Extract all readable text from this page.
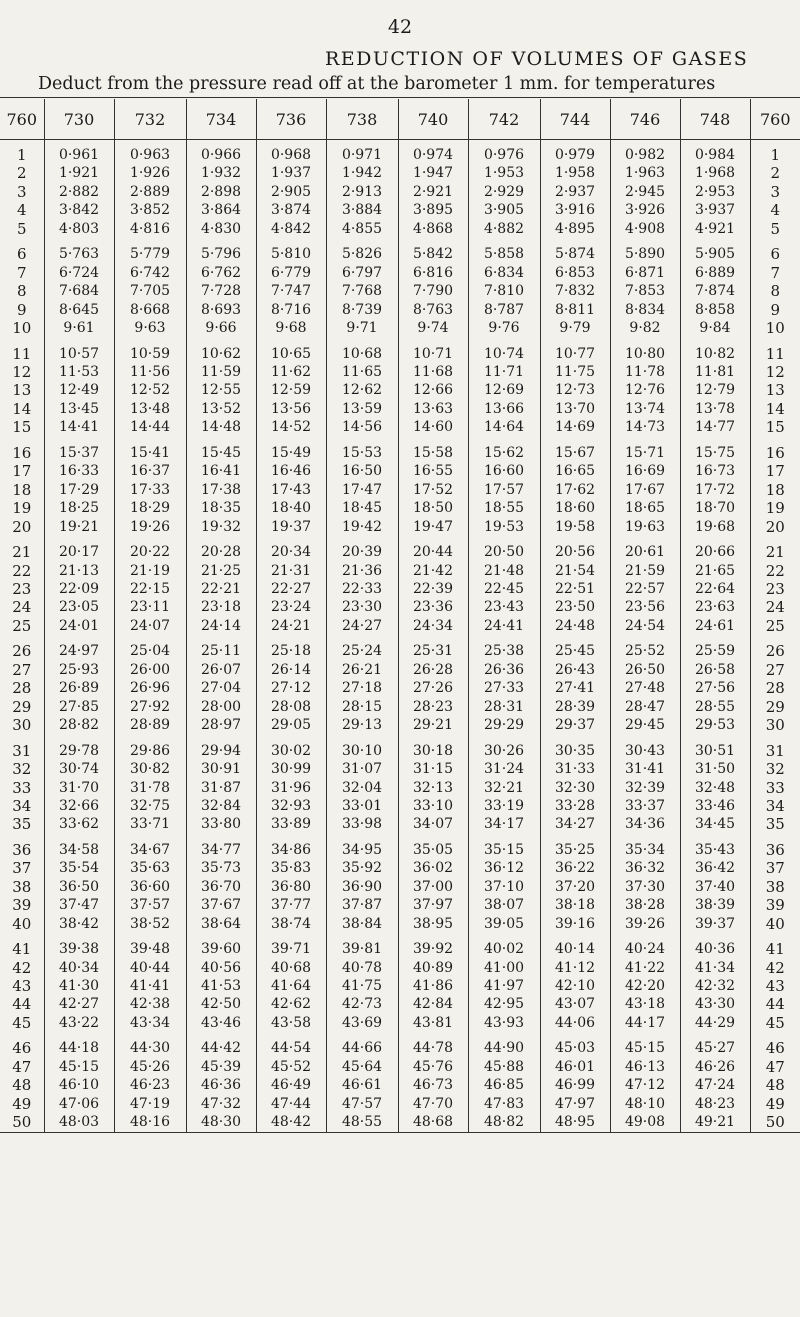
42
REDUCTION OF VOLUMES OF GASES
Deduct from the pressure read off at the barometer 1 mm. for temperatures
760	730	732	734	736	738	740	742	744	746	748	760
1	0·961	0·963	0·966	0·968	0·971	0·974	0·976	0·979	0·982	0·984	1
2	1·921	1·926	1·932	1·937	1·942	1·947	1·953	1·958	1·963	1·968	2
3	2·882	2·889	2·898	2·905	2·913	2·921	2·929	2·937	2·945	2·953	3
4	3·842	3·852	3·864	3·874	3·884	3·895	3·905	3·916	3·926	3·937	4
5	4·803	4·816	4·830	4·842	4·855	4·868	4·882	4·895	4·908	4·921	5
6	5·763	5·779	5·796	5·810	5·826	5·842	5·858	5·874	5·890	5·905	6
7	6·724	6·742	6·762	6·779	6·797	6·816	6·834	6·853	6·871	6·889	7
8	7·684	7·705	7·728	7·747	7·768	7·790	7·810	7·832	7·853	7·874	8
9	8·645	8·668	8·693	8·716	8·739	8·763	8·787	8·811	8·834	8·858	9
10	9·61	9·63	9·66	9·68	9·71	9·74	9·76	9·79	9·82	9·84	10
11	10·57	10·59	10·62	10·65	10·68	10·71	10·74	10·77	10·80	10·82	11
12	11·53	11·56	11·59	11·62	11·65	11·68	11·71	11·75	11·78	11·81	12
13	12·49	12·52	12·55	12·59	12·62	12·66	12·69	12·73	12·76	12·79	13
14	13·45	13·48	13·52	13·56	13·59	13·63	13·66	13·70	13·74	13·78	14
15	14·41	14·44	14·48	14·52	14·56	14·60	14·64	14·69	14·73	14·77	15
16	15·37	15·41	15·45	15·49	15·53	15·58	15·62	15·67	15·71	15·75	16
17	16·33	16·37	16·41	16·46	16·50	16·55	16·60	16·65	16·69	16·73	17
18	17·29	17·33	17·38	17·43	17·47	17·52	17·57	17·62	17·67	17·72	18
19	18·25	18·29	18·35	18·40	18·45	18·50	18·55	18·60	18·65	18·70	19
20	19·21	19·26	19·32	19·37	19·42	19·47	19·53	19·58	19·63	19·68	20
21	20·17	20·22	20·28	20·34	20·39	20·44	20·50	20·56	20·61	20·66	21
22	21·13	21·19	21·25	21·31	21·36	21·42	21·48	21·54	21·59	21·65	22
23	22·09	22·15	22·21	22·27	22·33	22·39	22·45	22·51	22·57	22·64	23
24	23·05	23·11	23·18	23·24	23·30	23·36	23·43	23·50	23·56	23·63	24
25	24·01	24·07	24·14	24·21	24·27	24·34	24·41	24·48	24·54	24·61	25
26	24·97	25·04	25·11	25·18	25·24	25·31	25·38	25·45	25·52	25·59	26
27	25·93	26·00	26·07	26·14	26·21	26·28	26·36	26·43	26·50	26·58	27
28	26·89	26·96	27·04	27·12	27·18	27·26	27·33	27·41	27·48	27·56	28
29	27·85	27·92	28·00	28·08	28·15	28·23	28·31	28·39	28·47	28·55	29
30	28·82	28·89	28·97	29·05	29·13	29·21	29·29	29·37	29·45	29·53	30
31	29·78	29·86	29·94	30·02	30·10	30·18	30·26	30·35	30·43	30·51	31
32	30·74	30·82	30·91	30·99	31·07	31·15	31·24	31·33	31·41	31·50	32
33	31·70	31·78	31·87	31·96	32·04	32·13	32·21	32·30	32·39	32·48	33
34	32·66	32·75	32·84	32·93	33·01	33·10	33·19	33·28	33·37	33·46	34
35	33·62	33·71	33·80	33·89	33·98	34·07	34·17	34·27	34·36	34·45	35
36	34·58	34·67	34·77	34·86	34·95	35·05	35·15	35·25	35·34	35·43	36
37	35·54	35·63	35·73	35·83	35·92	36·02	36·12	36·22	36·32	36·42	37
38	36·50	36·60	36·70	36·80	36·90	37·00	37·10	37·20	37·30	37·40	38
39	37·47	37·57	37·67	37·77	37·87	37·97	38·07	38·18	38·28	38·39	39
40	38·42	38·52	38·64	38·74	38·84	38·95	39·05	39·16	39·26	39·37	40
41	39·38	39·48	39·60	39·71	39·81	39·92	40·02	40·14	40·24	40·36	41
42	40·34	40·44	40·56	40·68	40·78	40·89	41·00	41·12	41·22	41·34	42
43	41·30	41·41	41·53	41·64	41·75	41·86	41·97	42·10	42·20	42·32	43
44	42·27	42·38	42·50	42·62	42·73	42·84	42·95	43·07	43·18	43·30	44
45	43·22	43·34	43·46	43·58	43·69	43·81	43·93	44·06	44·17	44·29	45
46	44·18	44·30	44·42	44·54	44·66	44·78	44·90	45·03	45·15	45·27	46
47	45·15	45·26	45·39	45·52	45·64	45·76	45·88	46·01	46·13	46·26	47
48	46·10	46·23	46·36	46·49	46·61	46·73	46·85	46·99	47·12	47·24	48
49	47·06	47·19	47·32	47·44	47·57	47·70	47·83	47·97	48·10	48·23	49
50	48·03	48·16	48·30	48·42	48·55	48·68	48·82	48·95	49·08	49·21	50
